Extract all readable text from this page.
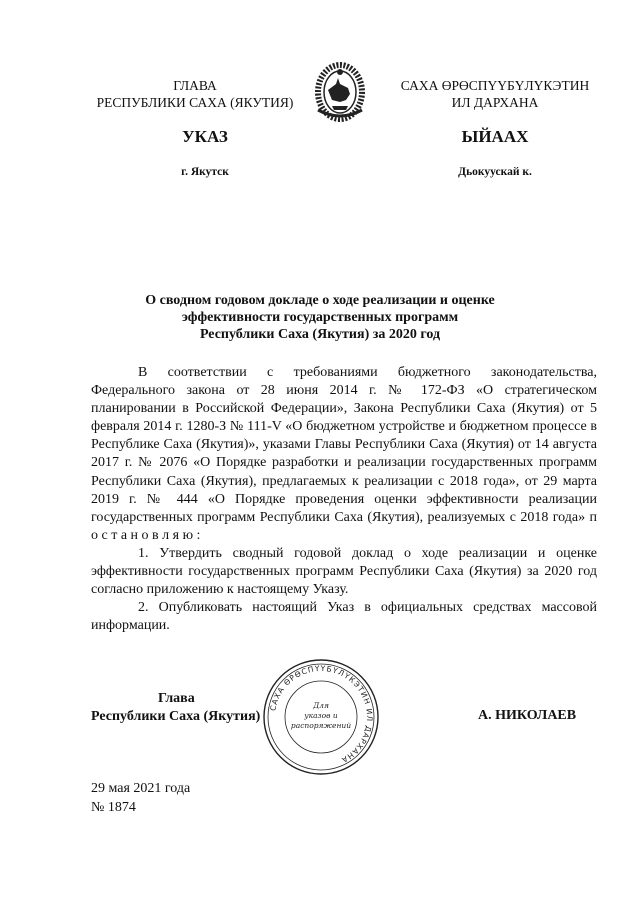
ГЛАВА
РЕСПУБЛИКИ САХА (ЯКУТИЯ)
САХА ӨРӨСПҮҮБҮЛҮКЭТИН
ИЛ ДАРХАНА
УКАЗ	ЫЙААХ
г. Якутск	Дьокуускай к.
О сводном годовом докладе о ходе реализации и оценке
эффективности государственных программ
Республики Саха (Якутия) за 2020 год

В соответствии с требованиями бюджетного законодательства, Федерального закона от 28 июня 2014 г. № 172-ФЗ «О стратегическом планировании в Российской Федерации», Закона Республики Саха (Якутия) от 5 февраля 2014 г. 1280-З № 111-V «О бюджетном устройстве и бюджетном процессе в Республике Саха (Якутия)», указами Главы Республики Саха (Якутия) от 14 августа 2017 г. № 2076 «О Порядке разработки и реализации государственных программ Республики Саха (Якутия), предлагаемых к реализации с 2018 года», от 29 марта 2019 г. № 444 «О Порядке проведения оценки эффективности реализации государственных программ Республики Саха (Якутия), реализуемых с 2018 года» п о с т а н о в л я ю :

1. Утвердить сводный годовой доклад о ходе реализации и оценке эффективности государственных программ Республики Саха (Якутия) за 2020 год согласно приложению к настоящему Указу.

2. Опубликовать настоящий Указ в официальных средствах массовой информации.

Глава
Республики Саха (Якутия)
САХА ӨРӨСПҮҮБҮЛҮКЭТИН ИЛ ДАРХАНА
Для
указов и
распоряжений
А. НИКОЛАЕВ
29 мая 2021 года
№ 1874
